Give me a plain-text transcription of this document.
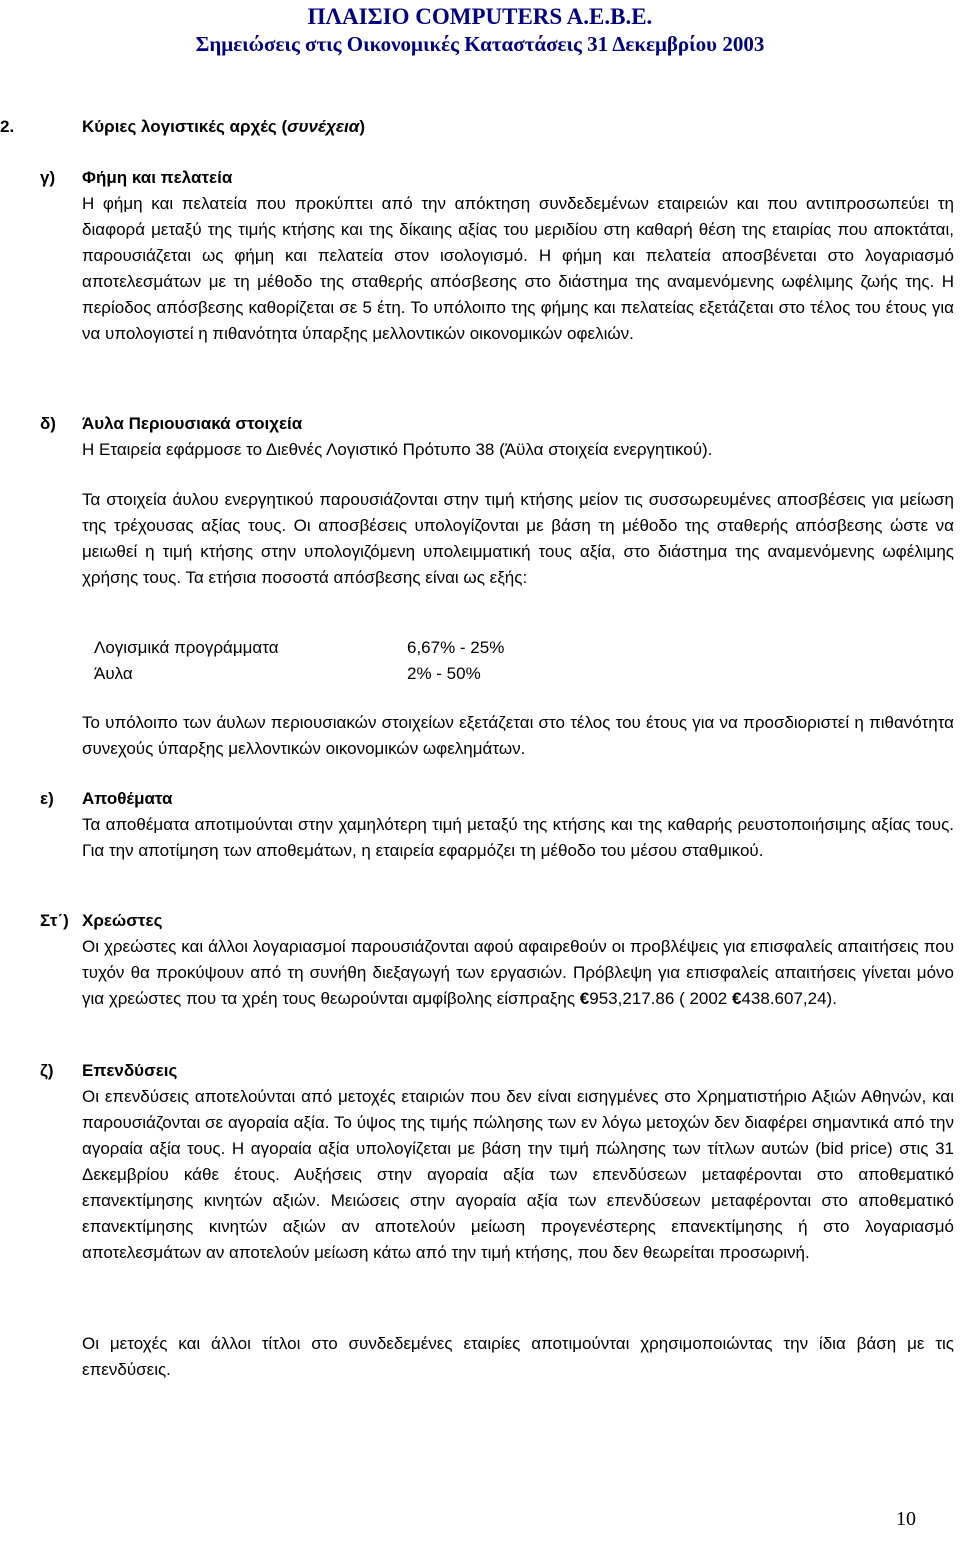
ΠΛΑΙΣΙΟ COMPUTERS A.E.B.E.
Σημειώσεις στις Οικονομικές Καταστάσεις 31 Δεκεμβρίου 2003
2.	Κύριες λογιστικές αρχές (συνέχεια)
γ) Φήμη και πελατεία

Η φήμη και πελατεία που προκύπτει από την απόκτηση συνδεδεμένων εταιρειών και που αντιπροσωπεύει τη διαφορά μεταξύ της τιμής κτήσης και της δίκαιης αξίας του μεριδίου στη καθαρή θέση της εταιρίας που αποκτάται, παρουσιάζεται ως φήμη και πελατεία στον ισολογισμό. Η φήμη και πελατεία αποσβένεται στο λογαριασμό αποτελεσμάτων με τη μέθοδο της σταθερής απόσβεσης στο διάστημα της αναμενόμενης ωφέλιμης ζωής της. Η περίοδος απόσβεσης καθορίζεται σε 5 έτη. Το υπόλοιπο της φήμης και πελατείας εξετάζεται στο τέλος του έτους για να υπολογιστεί η πιθανότητα ύπαρξης μελλοντικών οικονομικών οφελιών.

δ) Άυλα Περιουσιακά στοιχεία

Η Εταιρεία εφάρμοσε το Διεθνές Λογιστικό Πρότυπο 38 (Άϋλα στοιχεία ενεργητικού).

Τα στοιχεία άυλου ενεργητικού παρουσιάζονται στην τιμή κτήσης μείον τις συσσωρευμένες αποσβέσεις για μείωση της τρέχουσας αξίας τους. Οι αποσβέσεις υπολογίζονται με βάση τη μέθοδο της σταθερής απόσβεσης ώστε να μειωθεί η τιμή κτήσης στην υπολογιζόμενη υπολειμματική τους αξία, στο διάστημα της αναμενόμενης ωφέλιμης χρήσης τους. Τα ετήσια ποσοστά απόσβεσης είναι ως εξής:

Λογισμικά προγράμματα	6,67% - 25%
Άυλα	2% - 50%

Το υπόλοιπο των άυλων περιουσιακών στοιχείων εξετάζεται στο τέλος του έτους για να προσδιοριστεί η πιθανότητα συνεχούς ύπαρξης μελλοντικών οικονομικών ωφελημάτων.

ε) Αποθέματα

Τα αποθέματα αποτιμούνται στην χαμηλότερη τιμή μεταξύ της κτήσης και της καθαρής ρευστοποιήσιμης αξίας τους. Για την αποτίμηση των αποθεμάτων, η εταιρεία εφαρμόζει τη μέθοδο του μέσου σταθμικού.

Στ΄) Χρεώστες

Οι χρεώστες και άλλοι λογαριασμοί παρουσιάζονται αφού αφαιρεθούν οι προβλέψεις για επισφαλείς απαιτήσεις που τυχόν θα προκύψουν από τη συνήθη διεξαγωγή των εργασιών. Πρόβλεψη για επισφαλείς απαιτήσεις γίνεται μόνο για χρεώστες που τα χρέη τους θεωρούνται αμφίβολης είσπραξης €953,217.86 ( 2002 €438.607,24).

ζ) Επενδύσεις

Οι επενδύσεις αποτελούνται από μετοχές εταιριών που δεν είναι εισηγμένες στο Χρηματιστήριο Αξιών Αθηνών, και παρουσιάζονται σε αγοραία αξία. Το ύψος της τιμής πώλησης των εν λόγω μετοχών δεν διαφέρει σημαντικά από την αγοραία αξία τους. Η αγοραία αξία υπολογίζεται με βάση την τιμή πώλησης των τίτλων αυτών (bid price) στις 31 Δεκεμβρίου κάθε έτους. Αυξήσεις στην αγοραία αξία των επενδύσεων μεταφέρονται στο αποθεματικό επανεκτίμησης κινητών αξιών. Μειώσεις στην αγοραία αξία των επενδύσεων μεταφέρονται στο αποθεματικό επανεκτίμησης κινητών αξιών αν αποτελούν μείωση προγενέστερης επανεκτίμησης ή στο λογαριασμό αποτελεσμάτων αν αποτελούν μείωση κάτω από την τιμή κτήσης, που δεν θεωρείται προσωρινή.

Οι μετοχές και άλλοι τίτλοι στο συνδεδεμένες εταιρίες αποτιμούνται χρησιμοποιώντας την ίδια βάση με τις επενδύσεις.

10
